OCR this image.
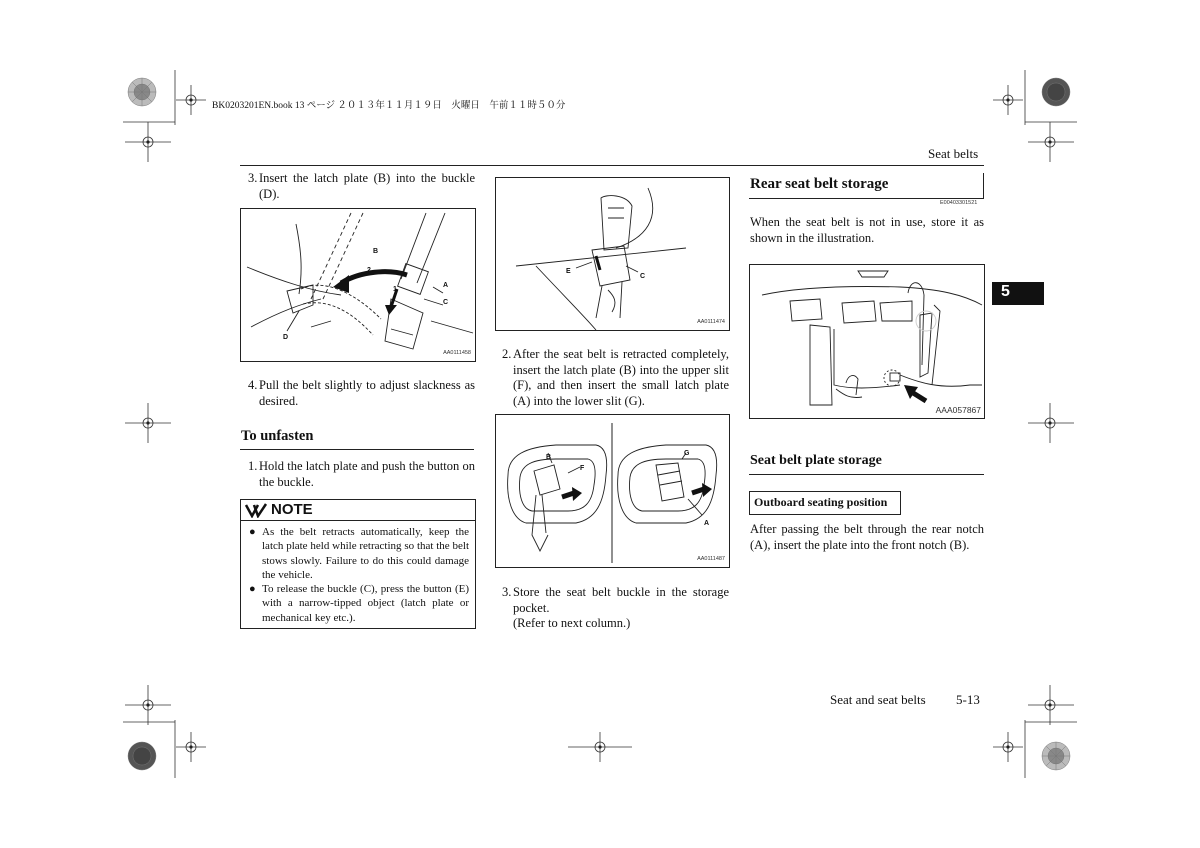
BK0203201EN.book 13 ページ ２０１３年１１月１９日　火曜日　午前１１時５０分
Seat belts
5
3. Insert the latch plate (B) into the buckle (D).
B
2
1
A
C
D
AA0111458
4. Pull the belt slightly to adjust slackness as desired.
To unfasten
1. Hold the latch plate and push the button on the buckle.
NOTE
● As the belt retracts automatically, keep the latch plate held while retracting so that the belt stows slowly. Failure to do this could damage the vehicle.
● To release the buckle (C), press the button (E) with a narrow-tipped object (latch plate or mechanical key etc.).
E
C
AA0111474
2. After the seat belt is retracted completely, insert the latch plate (B) into the upper slit (F), and then insert the small latch plate (A) into the lower slit (G).
B
F
G
A
AA0111487
3. Store the seat belt buckle in the storage pocket.
(Refer to next column.)
Rear seat belt storage
E00403301521
When the seat belt is not in use, store it as shown in the illustration.
AAA057867
Seat belt plate storage
Outboard seating position
After passing the belt through the rear notch (A), insert the plate into the front notch (B).
Seat and seat belts 5-13
